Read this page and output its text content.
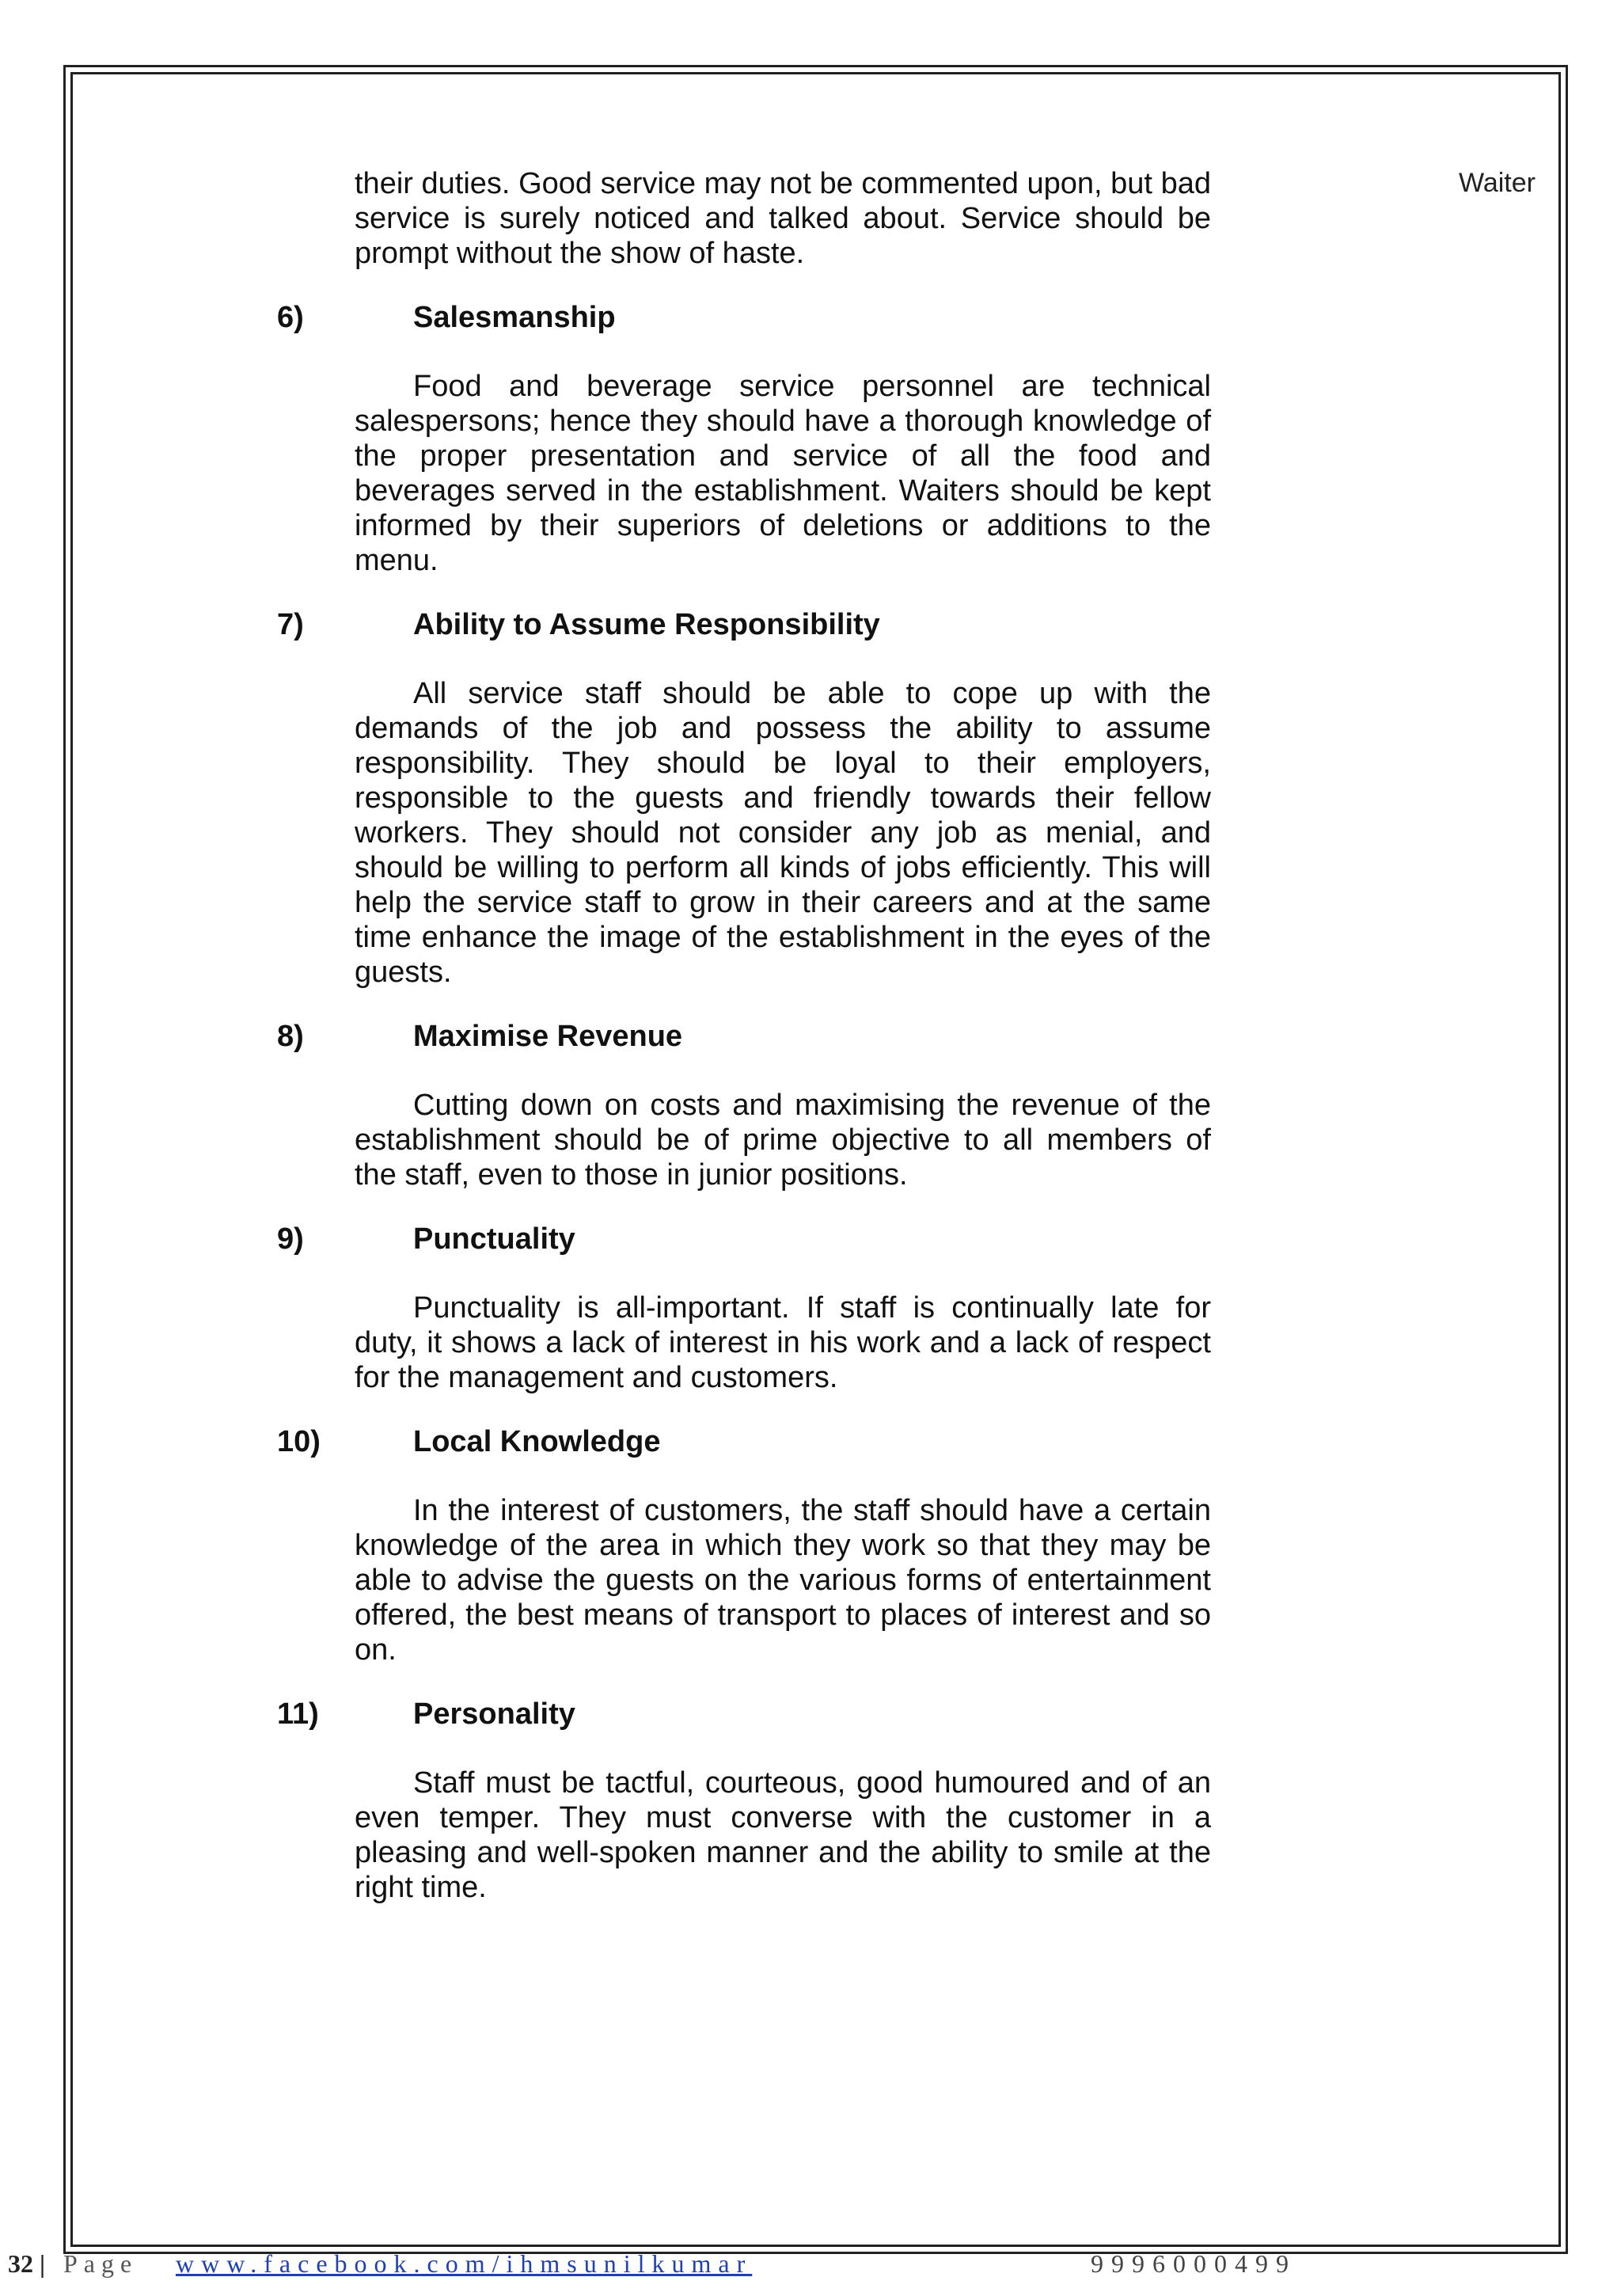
Waiter

their duties. Good service may not be commented upon, but bad service is surely noticed and talked about. Service should be prompt without the show of haste.

6)	Salesmanship

Food and beverage service personnel are technical salespersons; hence they should have a thorough knowledge of the proper presentation and service of all the food and beverages served in the establishment. Waiters should be kept informed by their superiors of deletions or additions to the menu.

7)	Ability to Assume Responsibility

All service staff should be able to cope up with the demands of the job and possess the ability to assume responsibility. They should be loyal to their employers, responsible to the guests and friendly towards their fellow workers. They should not consider any job as menial, and should be willing to perform all kinds of jobs efficiently. This will help the service staff to grow in their careers and at the same time enhance the image of the establishment in the eyes of the guests.

8)	Maximise Revenue

Cutting down on costs and maximising the revenue of the establishment should be of prime objective to all members of the staff, even to those in junior positions.

9)	Punctuality

Punctuality is all-important. If staff is continually late for duty, it shows a lack of interest in his work and a lack of respect for the management and customers.

10)	Local Knowledge

In the interest of customers, the staff should have a certain knowledge of the area in which they work so that they may be able to advise the guests on the various forms of entertainment offered, the best means of transport to places of interest and so on.

11)	Personality

Staff must be tactful, courteous, good humoured and of an even temper. They must converse with the customer in a pleasing and well-spoken manner and the ability to smile at the right time.

32 | Page www.facebook.com/ihmsunilkumar	9996000499
